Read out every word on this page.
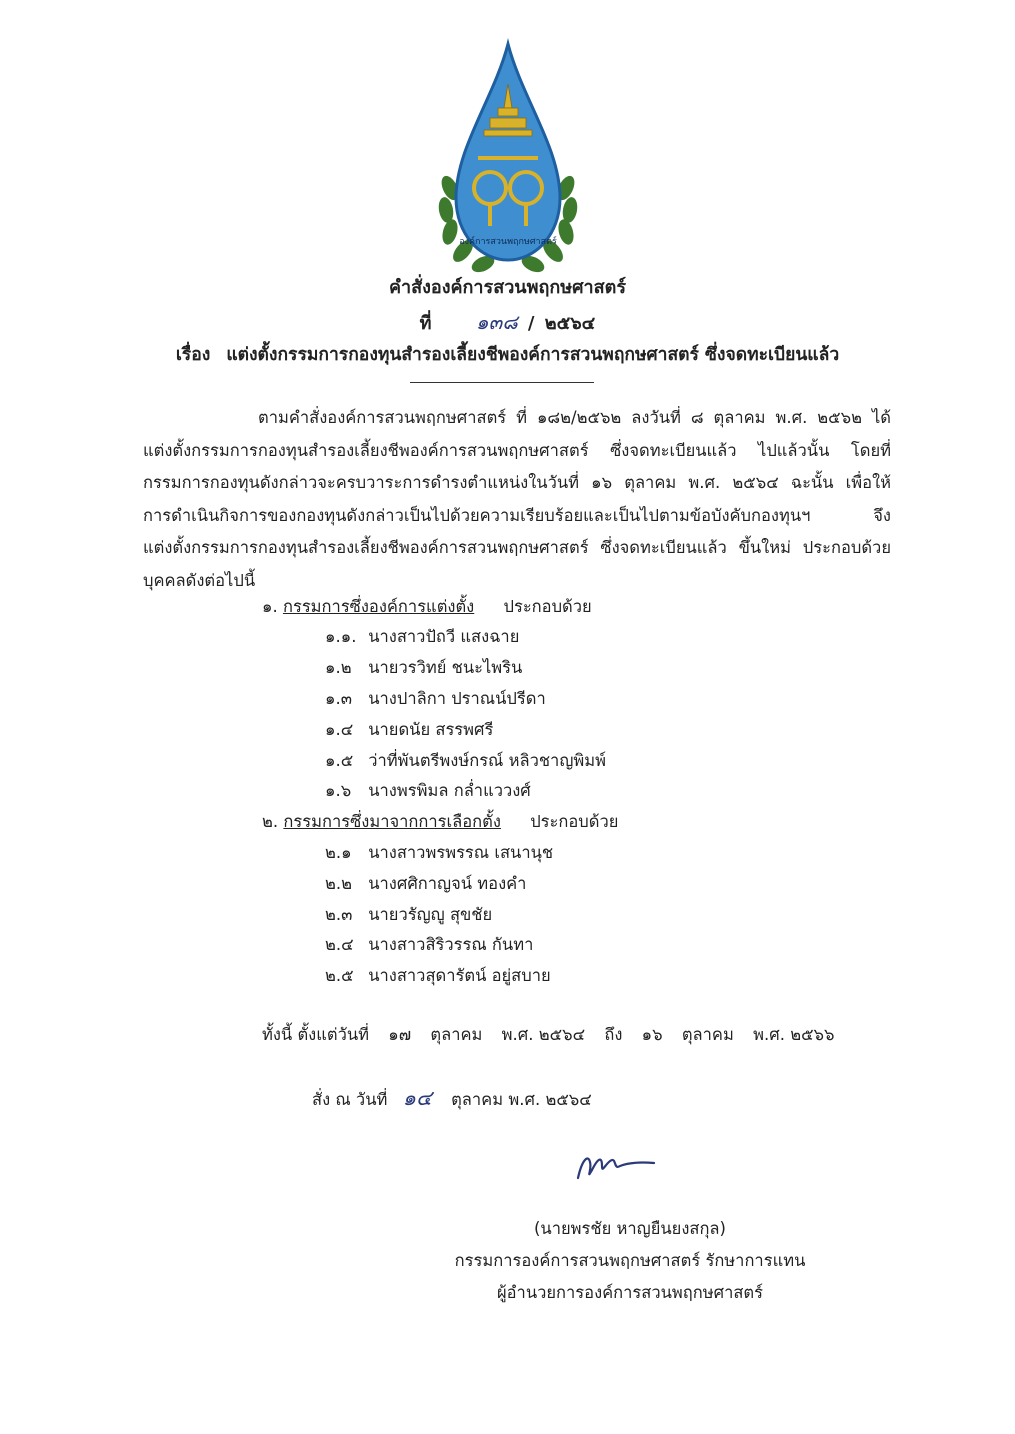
องค์การสวนพฤกษศาสตร์
คำสั่งองค์การสวนพฤกษศาสตร์
ที่ ๑๓๘ / ๒๕๖๔
เรื่อง แต่งตั้งกรรมการกองทุนสำรองเลี้ยงชีพองค์การสวนพฤกษศาสตร์ ซึ่งจดทะเบียนแล้ว
ตามคำสั่งองค์การสวนพฤกษศาสตร์ ที่ ๑๘๒/๒๕๖๒ ลงวันที่ ๘ ตุลาคม พ.ศ. ๒๕๖๒ ได้
แต่งตั้งกรรมการกองทุนสำรองเลี้ยงชีพองค์การสวนพฤกษศาสตร์ ซึ่งจดทะเบียนแล้ว ไปแล้วนั้น โดยที่
กรรมการกองทุนดังกล่าวจะครบวาระการดำรงตำแหน่งในวันที่ ๑๖ ตุลาคม พ.ศ. ๒๕๖๔ ฉะนั้น เพื่อให้
การดำเนินกิจการของกองทุนดังกล่าวเป็นไปด้วยความเรียบร้อยและเป็นไปตามข้อบังคับกองทุนฯ จึง
แต่งตั้งกรรมการกองทุนสำรองเลี้ยงชีพองค์การสวนพฤกษศาสตร์ ซึ่งจดทะเบียนแล้ว ขึ้นใหม่ ประกอบด้วย
บุคคลดังต่อไปนี้
๑. กรรมการซึ่งองค์การแต่งตั้ง ประกอบด้วย
๑.๑. นางสาวปัถวี แสงฉาย
๑.๒ นายวรวิทย์ ชนะไพริน
๑.๓ นางปาลิกา ปราณน์ปรีดา
๑.๔ นายดนัย สรรพศรี
๑.๕ ว่าที่พันตรีพงษ์กรณ์ หลิวชาญพิมพ์
๑.๖ นางพรพิมล กล่ำแววงศ์
๒. กรรมการซึ่งมาจากการเลือกตั้ง ประกอบด้วย
๒.๑ นางสาวพรพรรณ เสนานุช
๒.๒ นางศศิกาญจน์ ทองคำ
๒.๓ นายวรัญญู สุขชัย
๒.๔ นางสาวสิริวรรณ กันทา
๒.๕ นางสาวสุดารัตน์ อยู่สบาย
ทั้งนี้ ตั้งแต่วันที่ ๑๗ ตุลาคม พ.ศ. ๒๕๖๔ ถึง ๑๖ ตุลาคม พ.ศ. ๒๕๖๖
สั่ง ณ วันที่ ๑๔ ตุลาคม พ.ศ. ๒๕๖๔
(นายพรชัย หาญยืนยงสกุล)
กรรมการองค์การสวนพฤกษศาสตร์ รักษาการแทน
ผู้อำนวยการองค์การสวนพฤกษศาสตร์
